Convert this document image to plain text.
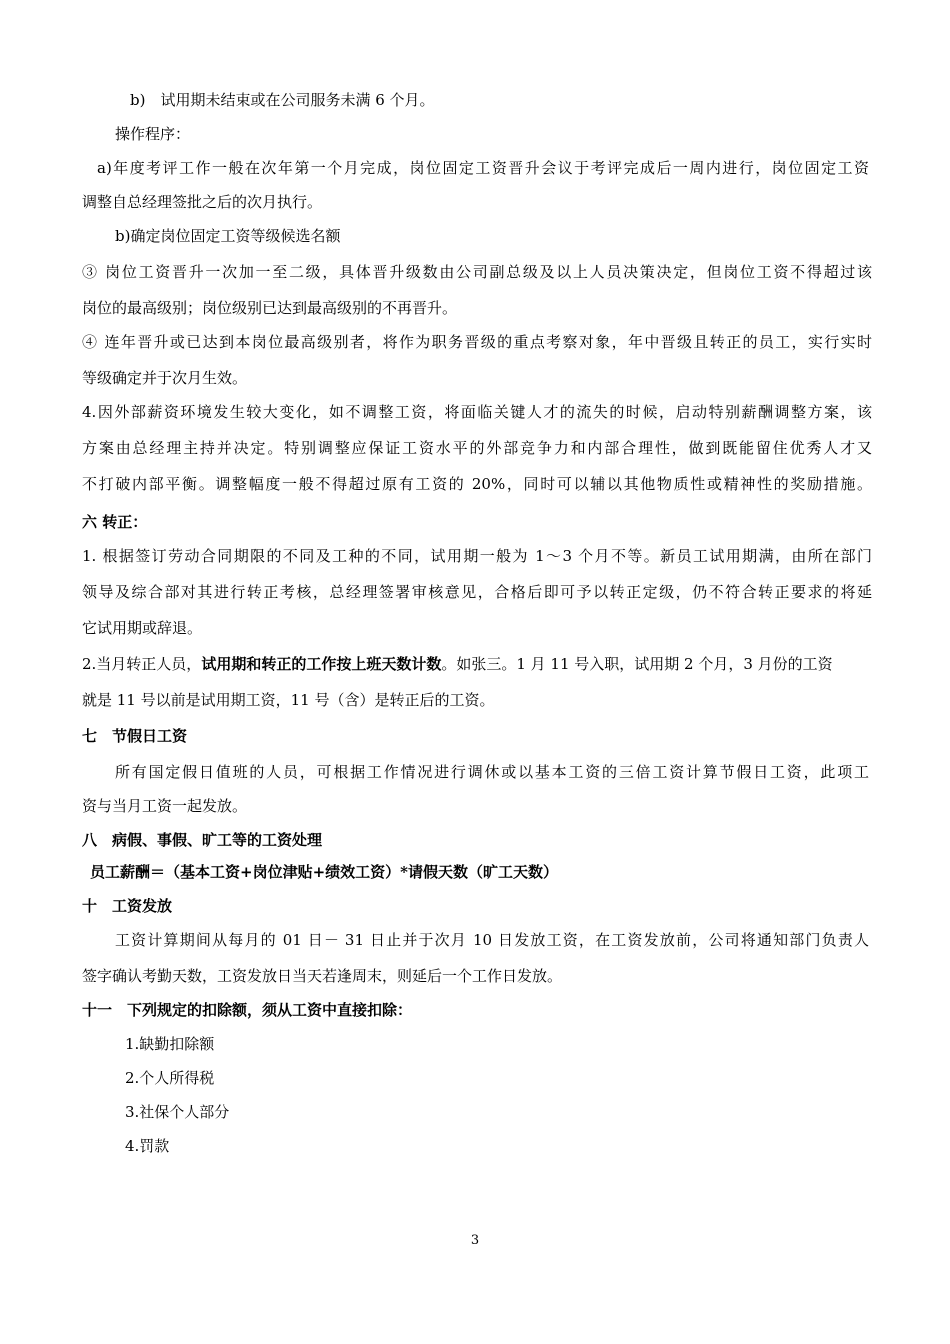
b)　试用期未结束或在公司服务未满 6 个月。
操作程序：
a)年度考评工作一般在次年第一个月完成，岗位固定工资晋升会议于考评完成后一周内进行，岗位固定工资
调整自总经理签批之后的次月执行。
b)确定岗位固定工资等级候选名额
③ 岗位工资晋升一次加一至二级，具体晋升级数由公司副总级及以上人员决策决定，但岗位工资不得超过该
岗位的最高级别；岗位级别已达到最高级别的不再晋升。
④ 连年晋升或已达到本岗位最高级别者，将作为职务晋级的重点考察对象，年中晋级且转正的员工，实行实时
等级确定并于次月生效。
4.因外部薪资环境发生较大变化，如不调整工资，将面临关键人才的流失的时候，启动特别薪酬调整方案，该
方案由总经理主持并决定。特别调整应保证工资水平的外部竞争力和内部合理性，做到既能留住优秀人才又
不打破内部平衡。调整幅度一般不得超过原有工资的 20%，同时可以辅以其他物质性或精神性的奖励措施。
六 转正：
1. 根据签订劳动合同期限的不同及工种的不同，试用期一般为 1～3 个月不等。新员工试用期满，由所在部门
领导及综合部对其进行转正考核，总经理签署审核意见，合格后即可予以转正定级，仍不符合转正要求的将延
它试用期或辞退。
2.当月转正人员，试用期和转正的工作按上班天数计数。如张三。1 月 11 号入职，试用期 2 个月，3 月份的工资
就是 11 号以前是试用期工资，11 号（含）是转正后的工资。
七　节假日工资
所有国定假日值班的人员，可根据工作情况进行调休或以基本工资的三倍工资计算节假日工资，此项工
资与当月工资一起发放。
八　病假、事假、旷工等的工资处理
员工薪酬＝（基本工资+岗位津贴+绩效工资）*请假天数（旷工天数）
十　工资发放
工资计算期间从每月的 01 日－ 31 日止并于次月 10 日发放工资，在工资发放前，公司将通知部门负责人
签字确认考勤天数，工资发放日当天若逢周末，则延后一个工作日发放。
十一　下列规定的扣除额，须从工资中直接扣除：
1.缺勤扣除额
2.个人所得税
3.社保个人部分
4.罚款
3
